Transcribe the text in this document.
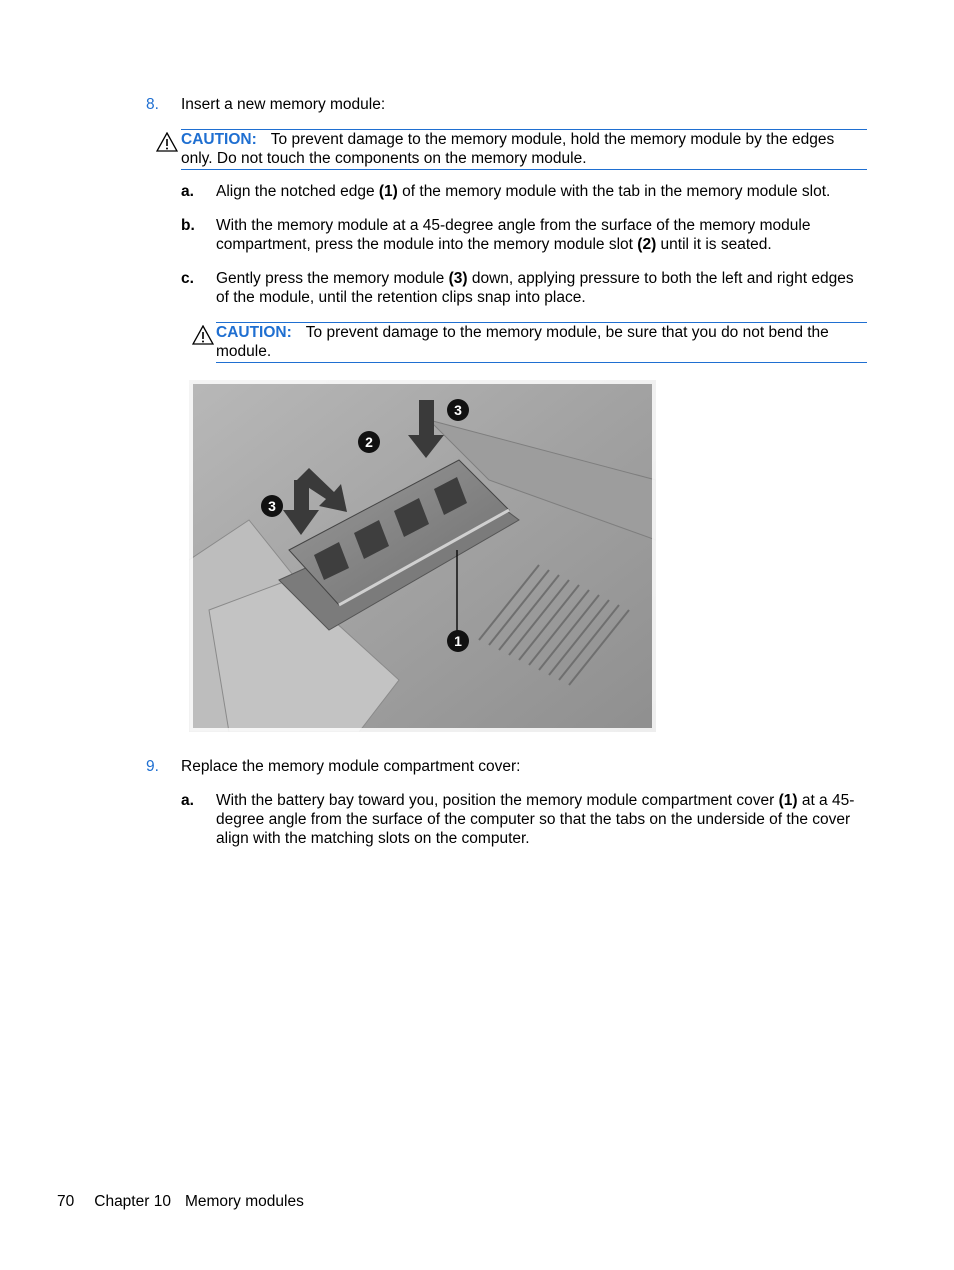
8. Insert a new memory module:
CAUTION: To prevent damage to the memory module, hold the memory module by the edges only. Do not touch the components on the memory module.
a. Align the notched edge (1) of the memory module with the tab in the memory module slot.
b. With the memory module at a 45-degree angle from the surface of the memory module compartment, press the module into the memory module slot (2) until it is seated.
c. Gently press the memory module (3) down, applying pressure to both the left and right edges of the module, until the retention clips snap into place.
CAUTION: To prevent damage to the memory module, be sure that you do not bend the module.
3
2
3
1
9. Replace the memory module compartment cover:
a. With the battery bay toward you, position the memory module compartment cover (1) at a 45-degree angle from the surface of the computer so that the tabs on the underside of the cover align with the matching slots on the computer.
70 Chapter 10 Memory modules
